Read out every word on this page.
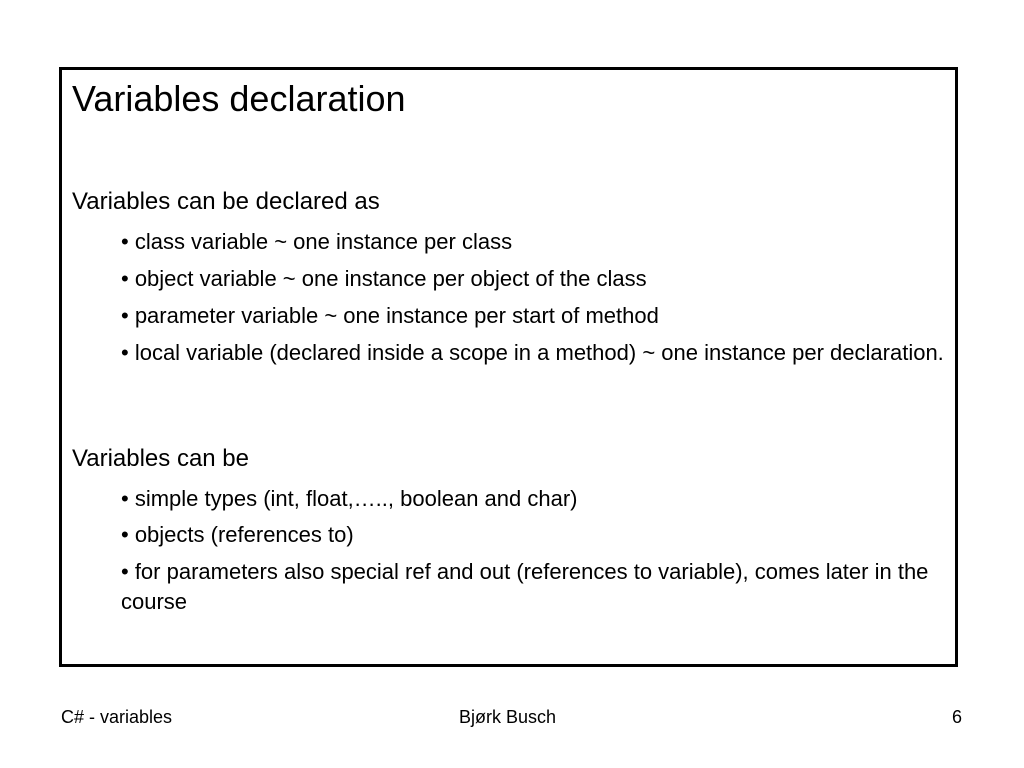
Variables declaration
Variables can be declared as
• class variable ~ one instance per class
• object variable ~ one instance per object of the class
• parameter variable ~ one instance per start of method
• local variable (declared inside a scope in a method) ~ one instance per declaration.
Variables can be
• simple types (int, float,….., boolean and char)
• objects (references to)
• for parameters also special ref and out (references to variable), comes later in the course
C# - variables	Bjørk Busch	6
